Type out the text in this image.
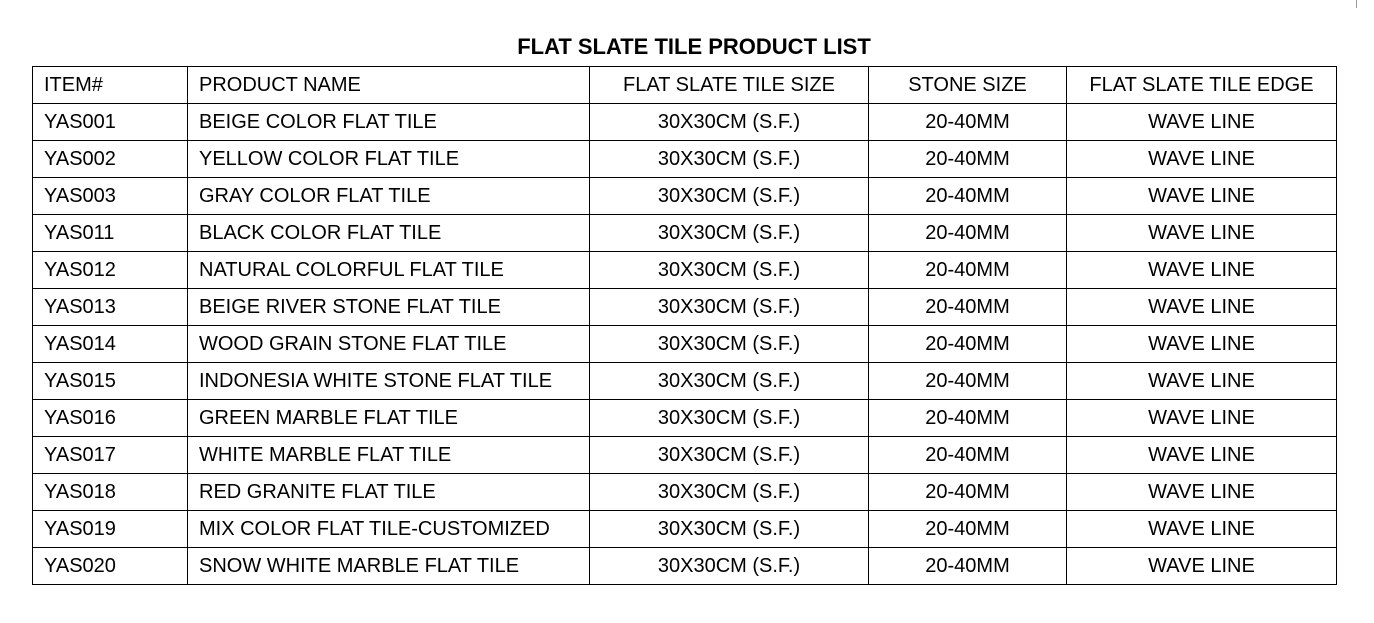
FLAT SLATE TILE PRODUCT LIST
ITEM#	PRODUCT NAME	FLAT SLATE TILE SIZE	STONE SIZE	FLAT SLATE TILE EDGE
YAS001	BEIGE COLOR FLAT TILE	30X30CM (S.F.)	20-40MM	WAVE LINE
YAS002	YELLOW COLOR FLAT TILE	30X30CM (S.F.)	20-40MM	WAVE LINE
YAS003	GRAY COLOR FLAT TILE	30X30CM (S.F.)	20-40MM	WAVE LINE
YAS011	BLACK COLOR FLAT TILE	30X30CM (S.F.)	20-40MM	WAVE LINE
YAS012	NATURAL COLORFUL FLAT TILE	30X30CM (S.F.)	20-40MM	WAVE LINE
YAS013	BEIGE RIVER STONE FLAT TILE	30X30CM (S.F.)	20-40MM	WAVE LINE
YAS014	WOOD GRAIN STONE FLAT TILE	30X30CM (S.F.)	20-40MM	WAVE LINE
YAS015	INDONESIA WHITE STONE FLAT TILE	30X30CM (S.F.)	20-40MM	WAVE LINE
YAS016	GREEN MARBLE FLAT TILE	30X30CM (S.F.)	20-40MM	WAVE LINE
YAS017	WHITE MARBLE FLAT TILE	30X30CM (S.F.)	20-40MM	WAVE LINE
YAS018	RED GRANITE FLAT TILE	30X30CM (S.F.)	20-40MM	WAVE LINE
YAS019	MIX COLOR FLAT TILE-CUSTOMIZED	30X30CM (S.F.)	20-40MM	WAVE LINE
YAS020	SNOW WHITE MARBLE FLAT TILE	30X30CM (S.F.)	20-40MM	WAVE LINE
